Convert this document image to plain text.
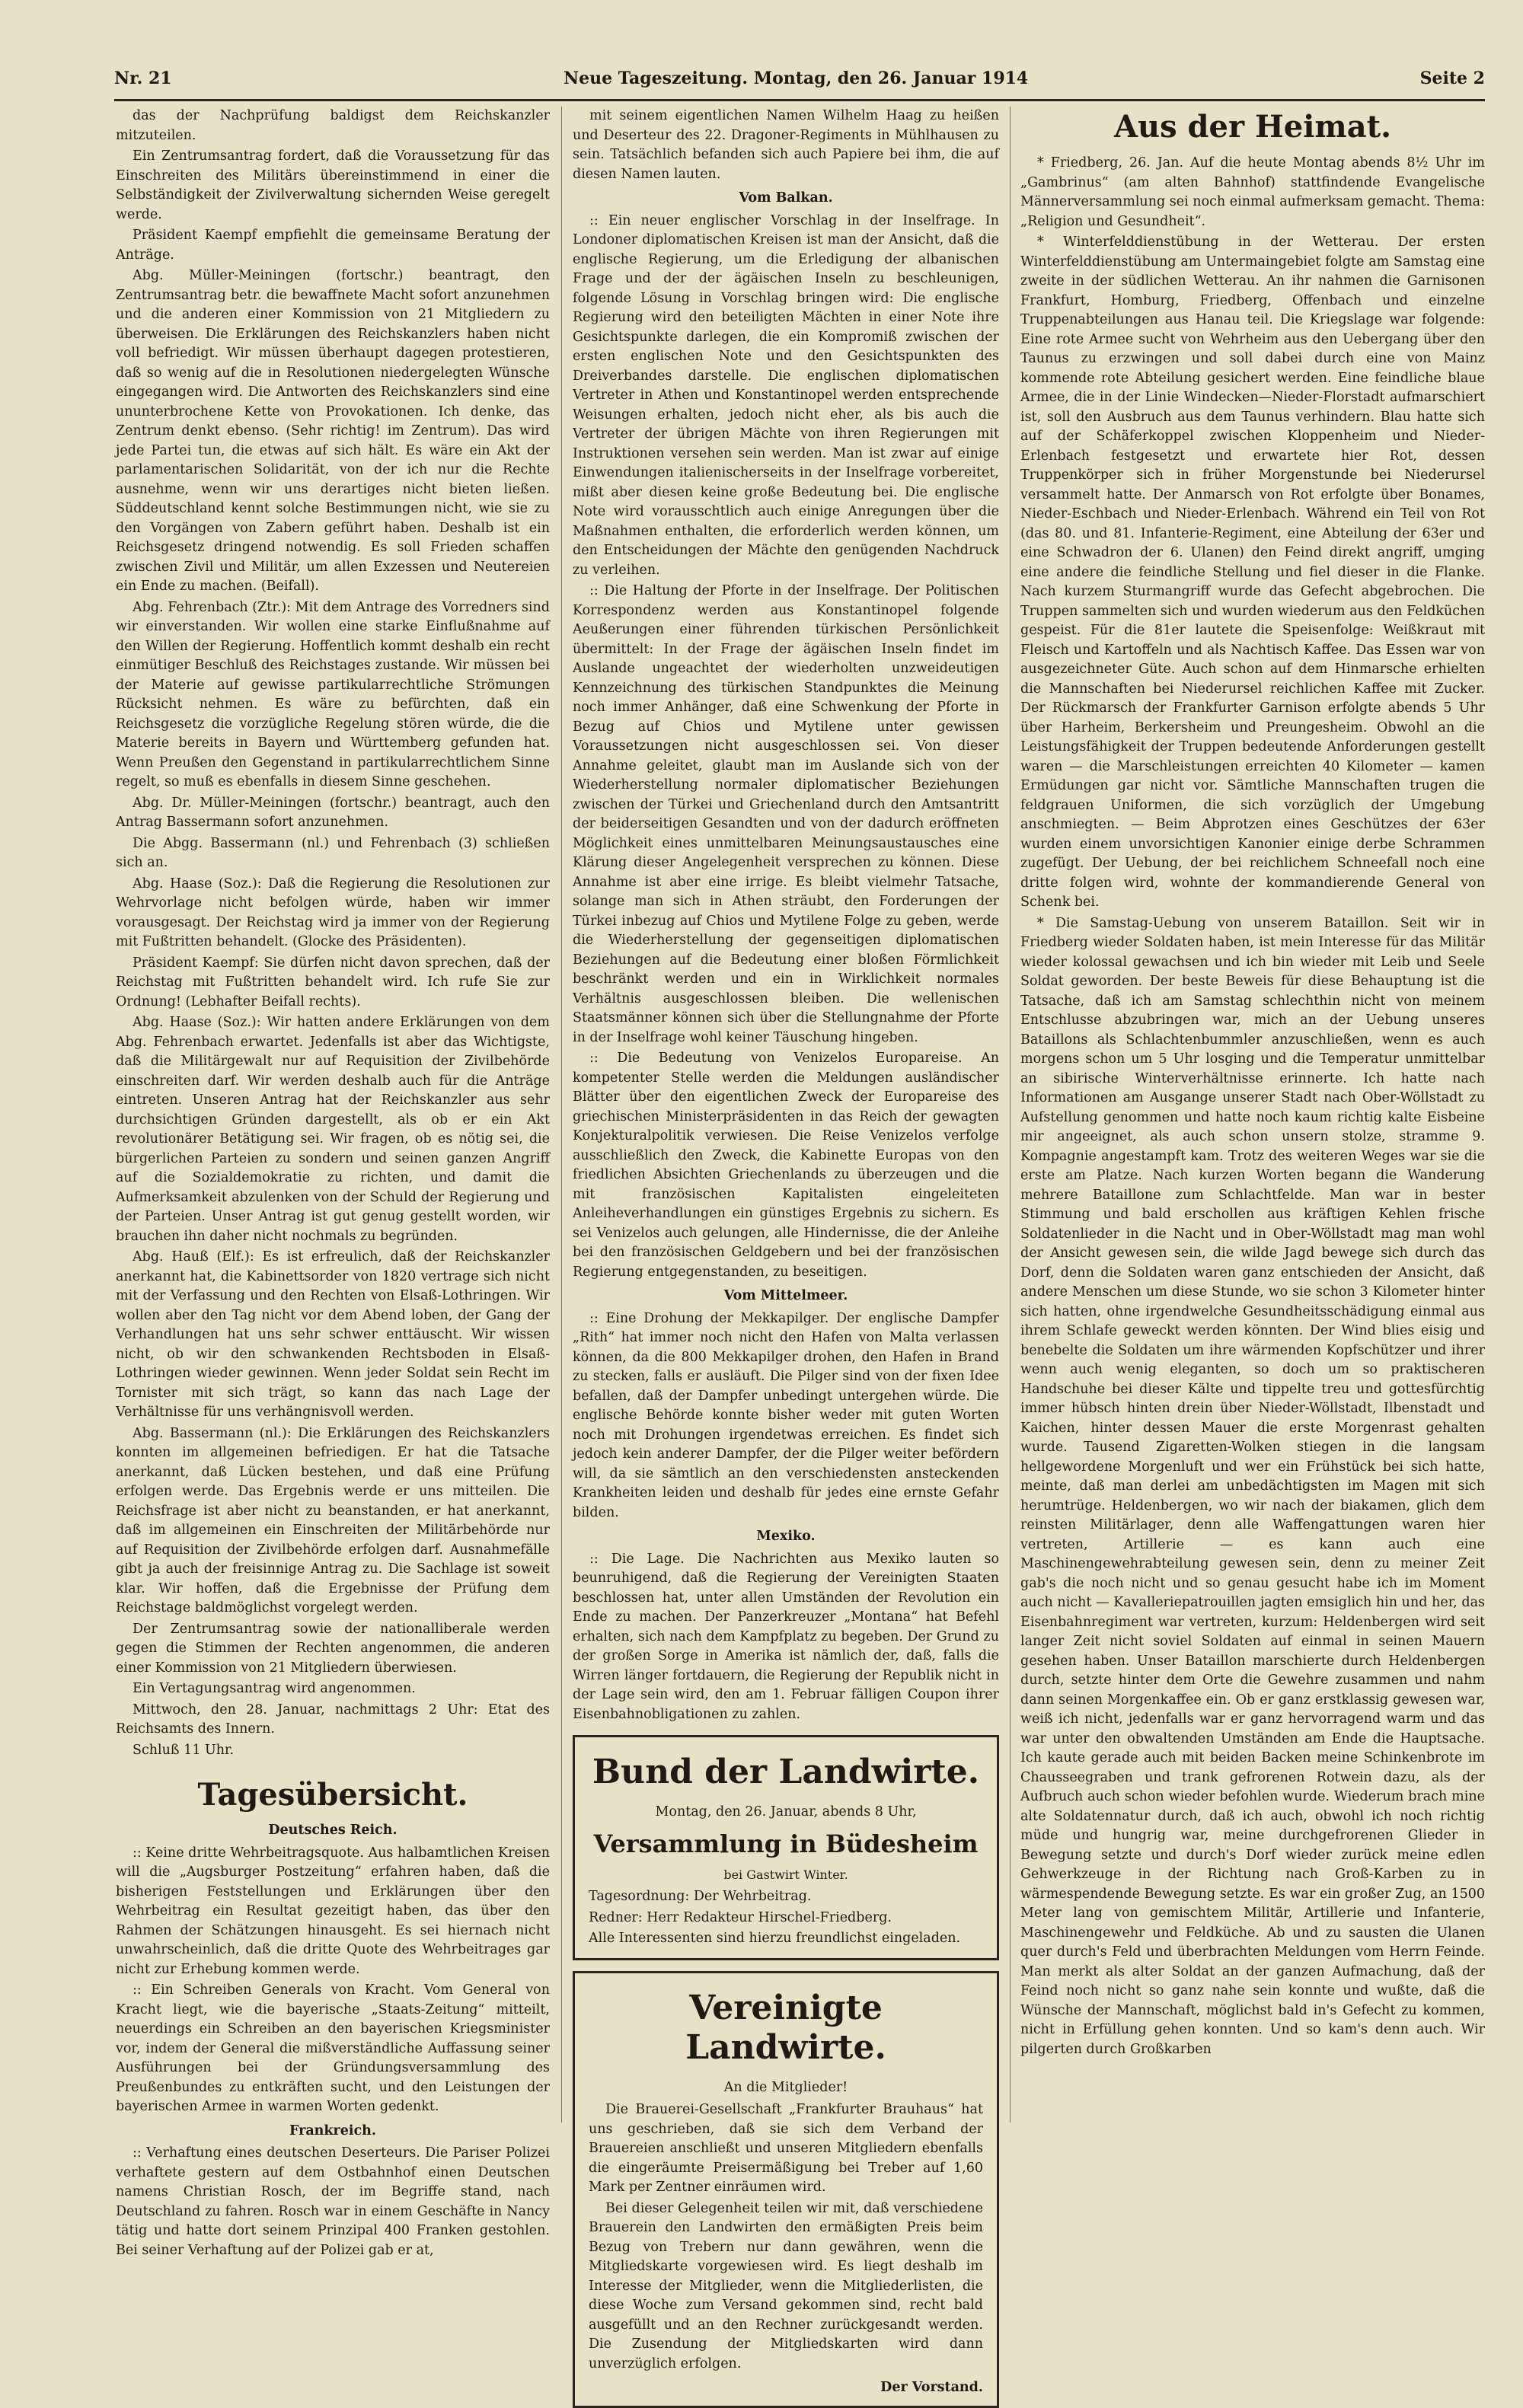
Nr. 21	Neue Tageszeitung. Montag, den 26. Januar 1914	Seite 2

das der Nachprüfung baldigst dem Reichskanzler mitzuteilen.

Ein Zentrumsantrag fordert, daß die Voraussetzung für das Einschreiten des Militärs übereinstimmend in einer die Selbständigkeit der Zivilverwaltung sichernden Weise geregelt werde.

Präsident Kaempf empfiehlt die gemeinsame Beratung der Anträge.

Abg. Müller-Meiningen (fortschr.) beantragt, den Zentrumsantrag betr. die bewaffnete Macht sofort anzunehmen und die anderen einer Kommission von 21 Mitgliedern zu überweisen. Die Erklärungen des Reichskanzlers haben nicht voll befriedigt. Wir müssen überhaupt dagegen protestieren, daß so wenig auf die in Resolutionen niedergelegten Wünsche eingegangen wird. Die Antworten des Reichskanzlers sind eine ununterbrochene Kette von Provokationen. Ich denke, das Zentrum denkt ebenso. (Sehr richtig! im Zentrum). Das wird jede Partei tun, die etwas auf sich hält. Es wäre ein Akt der parlamentarischen Solidarität, von der ich nur die Rechte ausnehme, wenn wir uns derartiges nicht bieten ließen. Süddeutschland kennt solche Bestimmungen nicht, wie sie zu den Vorgängen von Zabern geführt haben. Deshalb ist ein Reichsgesetz dringend notwendig. Es soll Frieden schaffen zwischen Zivil und Militär, um allen Exzessen und Neutereien ein Ende zu machen. (Beifall).

Abg. Fehrenbach (Ztr.): Mit dem Antrage des Vorredners sind wir einverstanden. Wir wollen eine starke Einflußnahme auf den Willen der Regierung. Hoffentlich kommt deshalb ein recht einmütiger Beschluß des Reichstages zustande. Wir müssen bei der Materie auf gewisse partikularrechtliche Strömungen Rücksicht nehmen. Es wäre zu befürchten, daß ein Reichsgesetz die vorzügliche Regelung stören würde, die die Materie bereits in Bayern und Württemberg gefunden hat. Wenn Preußen den Gegenstand in partikularrechtlichem Sinne regelt, so muß es ebenfalls in diesem Sinne geschehen.

Abg. Dr. Müller-Meiningen (fortschr.) beantragt, auch den Antrag Bassermann sofort anzunehmen.

Die Abgg. Bassermann (nl.) und Fehrenbach (3) schließen sich an.

Abg. Haase (Soz.): Daß die Regierung die Resolutionen zur Wehrvorlage nicht befolgen würde, haben wir immer vorausgesagt. Der Reichstag wird ja immer von der Regierung mit Fußtritten behandelt. (Glocke des Präsidenten).

Präsident Kaempf: Sie dürfen nicht davon sprechen, daß der Reichstag mit Fußtritten behandelt wird. Ich rufe Sie zur Ordnung! (Lebhafter Beifall rechts).

Abg. Haase (Soz.): Wir hatten andere Erklärungen von dem Abg. Fehrenbach erwartet. Jedenfalls ist aber das Wichtigste, daß die Militärgewalt nur auf Requisition der Zivilbehörde einschreiten darf. Wir werden deshalb auch für die Anträge eintreten. Unseren Antrag hat der Reichskanzler aus sehr durchsichtigen Gründen dargestellt, als ob er ein Akt revolutionärer Betätigung sei. Wir fragen, ob es nötig sei, die bürgerlichen Parteien zu sondern und seinen ganzen Angriff auf die Sozialdemokratie zu richten, und damit die Aufmerksamkeit abzulenken von der Schuld der Regierung und der Parteien. Unser Antrag ist gut genug gestellt worden, wir brauchen ihn daher nicht nochmals zu begründen.

Abg. Hauß (Elf.): Es ist erfreulich, daß der Reichskanzler anerkannt hat, die Kabinettsorder von 1820 vertrage sich nicht mit der Verfassung und den Rechten von Elsaß-Lothringen. Wir wollen aber den Tag nicht vor dem Abend loben, der Gang der Verhandlungen hat uns sehr schwer enttäuscht. Wir wissen nicht, ob wir den schwankenden Rechtsboden in Elsaß-Lothringen wieder gewinnen. Wenn jeder Soldat sein Recht im Tornister mit sich trägt, so kann das nach Lage der Verhältnisse für uns verhängnisvoll werden.

Abg. Bassermann (nl.): Die Erklärungen des Reichskanzlers konnten im allgemeinen befriedigen. Er hat die Tatsache anerkannt, daß Lücken bestehen, und daß eine Prüfung erfolgen werde. Das Ergebnis werde er uns mitteilen. Die Reichsfrage ist aber nicht zu beanstanden, er hat anerkannt, daß im allgemeinen ein Einschreiten der Militärbehörde nur auf Requisition der Zivilbehörde erfolgen darf. Ausnahmefälle gibt ja auch der freisinnige Antrag zu. Die Sachlage ist soweit klar. Wir hoffen, daß die Ergebnisse der Prüfung dem Reichstage baldmöglichst vorgelegt werden.

Der Zentrumsantrag sowie der nationalliberale werden gegen die Stimmen der Rechten angenommen, die anderen einer Kommission von 21 Mitgliedern überwiesen.

Ein Vertagungsantrag wird angenommen.

Mittwoch, den 28. Januar, nachmittags 2 Uhr: Etat des Reichsamts des Innern.

Schluß 11 Uhr.

Tagesübersicht.
Deutsches Reich.

:: Keine dritte Wehrbeitragsquote. Aus halbamtlichen Kreisen will die „Augsburger Postzeitung“ erfahren haben, daß die bisherigen Feststellungen und Erklärungen über den Wehrbeitrag ein Resultat gezeitigt haben, das über den Rahmen der Schätzungen hinausgeht. Es sei hiernach nicht unwahrscheinlich, daß die dritte Quote des Wehrbeitrages gar nicht zur Erhebung kommen werde.

:: Ein Schreiben Generals von Kracht. Vom General von Kracht liegt, wie die bayerische „Staats-Zeitung“ mitteilt, neuerdings ein Schreiben an den bayerischen Kriegsminister vor, indem der General die mißverständliche Auffassung seiner Ausführungen bei der Gründungsversammlung des Preußenbundes zu entkräften sucht, und den Leistungen der bayerischen Armee in warmen Worten gedenkt.

Frankreich.

:: Verhaftung eines deutschen Deserteurs. Die Pariser Polizei verhaftete gestern auf dem Ostbahnhof einen Deutschen namens Christian Rosch, der im Begriffe stand, nach Deutschland zu fahren. Rosch war in einem Geschäfte in Nancy tätig und hatte dort seinem Prinzipal 400 Franken gestohlen. Bei seiner Verhaftung auf der Polizei gab er at,

mit seinem eigentlichen Namen Wilhelm Haag zu heißen und Deserteur des 22. Dragoner-Regiments in Mühlhausen zu sein. Tatsächlich befanden sich auch Papiere bei ihm, die auf diesen Namen lauten.

Vom Balkan.

:: Ein neuer englischer Vorschlag in der Inselfrage. In Londoner diplomatischen Kreisen ist man der Ansicht, daß die englische Regierung, um die Erledigung der albanischen Frage und der der ägäischen Inseln zu beschleunigen, folgende Lösung in Vorschlag bringen wird: Die englische Regierung wird den beteiligten Mächten in einer Note ihre Gesichtspunkte darlegen, die ein Kompromiß zwischen der ersten englischen Note und den Gesichtspunkten des Dreiverbandes darstelle. Die englischen diplomatischen Vertreter in Athen und Konstantinopel werden entsprechende Weisungen erhalten, jedoch nicht eher, als bis auch die Vertreter der übrigen Mächte von ihren Regierungen mit Instruktionen versehen sein werden. Man ist zwar auf einige Einwendungen italienischerseits in der Inselfrage vorbereitet, mißt aber diesen keine große Bedeutung bei. Die englische Note wird vorausschtlich auch einige Anregungen über die Maßnahmen enthalten, die erforderlich werden können, um den Entscheidungen der Mächte den genügenden Nachdruck zu verleihen.

:: Die Haltung der Pforte in der Inselfrage. Der Politischen Korrespondenz werden aus Konstantinopel folgende Aeußerungen einer führenden türkischen Persönlichkeit übermittelt: In der Frage der ägäischen Inseln findet im Auslande ungeachtet der wiederholten unzweideutigen Kennzeichnung des türkischen Standpunktes die Meinung noch immer Anhänger, daß eine Schwenkung der Pforte in Bezug auf Chios und Mytilene unter gewissen Voraussetzungen nicht ausgeschlossen sei. Von dieser Annahme geleitet, glaubt man im Auslande sich von der Wiederherstellung normaler diplomatischer Beziehungen zwischen der Türkei und Griechenland durch den Amtsantritt der beiderseitigen Gesandten und von der dadurch eröffneten Möglichkeit eines unmittelbaren Meinungsaustausches eine Klärung dieser Angelegenheit versprechen zu können. Diese Annahme ist aber eine irrige. Es bleibt vielmehr Tatsache, solange man sich in Athen sträubt, den Forderungen der Türkei inbezug auf Chios und Mytilene Folge zu geben, werde die Wiederherstellung der gegenseitigen diplomatischen Beziehungen auf die Bedeutung einer bloßen Förmlichkeit beschränkt werden und ein in Wirklichkeit normales Verhältnis ausgeschlossen bleiben. Die wellenischen Staatsmänner können sich über die Stellungnahme der Pforte in der Inselfrage wohl keiner Täuschung hingeben.

:: Die Bedeutung von Venizelos Europareise. An kompetenter Stelle werden die Meldungen ausländischer Blätter über den eigentlichen Zweck der Europareise des griechischen Ministerpräsidenten in das Reich der gewagten Konjekturalpolitik verwiesen. Die Reise Venizelos verfolge ausschließlich den Zweck, die Kabinette Europas von den friedlichen Absichten Griechenlands zu überzeugen und die mit französischen Kapitalisten eingeleiteten Anleiheverhandlungen ein günstiges Ergebnis zu sichern. Es sei Venizelos auch gelungen, alle Hindernisse, die der Anleihe bei den französischen Geldgebern und bei der französischen Regierung entgegenstanden, zu beseitigen.

Vom Mittelmeer.

:: Eine Drohung der Mekkapilger. Der englische Dampfer „Rith“ hat immer noch nicht den Hafen von Malta verlassen können, da die 800 Mekkapilger drohen, den Hafen in Brand zu stecken, falls er ausläuft. Die Pilger sind von der fixen Idee befallen, daß der Dampfer unbedingt untergehen würde. Die englische Behörde konnte bisher weder mit guten Worten noch mit Drohungen irgendetwas erreichen. Es findet sich jedoch kein anderer Dampfer, der die Pilger weiter befördern will, da sie sämtlich an den verschiedensten ansteckenden Krankheiten leiden und deshalb für jedes eine ernste Gefahr bilden.

Mexiko.

:: Die Lage. Die Nachrichten aus Mexiko lauten so beunruhigend, daß die Regierung der Vereinigten Staaten beschlossen hat, unter allen Umständen der Revolution ein Ende zu machen. Der Panzerkreuzer „Montana“ hat Befehl erhalten, sich nach dem Kampfplatz zu begeben. Der Grund zu der großen Sorge in Amerika ist nämlich der, daß, falls die Wirren länger fortdauern, die Regierung der Republik nicht in der Lage sein wird, den am 1. Februar fälligen Coupon ihrer Eisenbahnobligationen zu zahlen.

Bund der Landwirte.
Montag, den 26. Januar, abends 8 Uhr,
Versammlung in Büdesheim
bei Gastwirt Winter.
Tagesordnung: Der Wehrbeitrag.
Redner: Herr Redakteur Hirschel-Friedberg.
Alle Interessenten sind hierzu freundlichst eingeladen.
Vereinigte Landwirte.
An die Mitglieder!

Die Brauerei-Gesellschaft „Frankfurter Brauhaus“ hat uns geschrieben, daß sie sich dem Verband der Brauereien anschließt und unseren Mitgliedern ebenfalls die eingeräumte Preisermäßigung bei Treber auf 1,60 Mark per Zentner einräumen wird.

Bei dieser Gelegenheit teilen wir mit, daß verschiedene Brauerein den Landwirten den ermäßigten Preis beim Bezug von Trebern nur dann gewähren, wenn die Mitgliedskarte vorgewiesen wird. Es liegt deshalb im Interesse der Mitglieder, wenn die Mitgliederlisten, die diese Woche zum Versand gekommen sind, recht bald ausgefüllt und an den Rechner zurückgesandt werden. Die Zusendung der Mitgliedskarten wird dann unverzüglich erfolgen.

Der Vorstand.
Aus der Heimat.

* Friedberg, 26. Jan. Auf die heute Montag abends 8½ Uhr im „Gambrinus“ (am alten Bahnhof) stattfindende Evangelische Männerversammlung sei noch einmal aufmerksam gemacht. Thema: „Religion und Gesundheit“.

* Winterfelddienstübung in der Wetterau. Der ersten Winterfelddienstübung am Untermaingebiet folgte am Samstag eine zweite in der südlichen Wetterau. An ihr nahmen die Garnisonen Frankfurt, Homburg, Friedberg, Offenbach und einzelne Truppenabteilungen aus Hanau teil. Die Kriegslage war folgende: Eine rote Armee sucht von Wehrheim aus den Uebergang über den Taunus zu erzwingen und soll dabei durch eine von Mainz kommende rote Abteilung gesichert werden. Eine feindliche blaue Armee, die in der Linie Windecken—Nieder-Florstadt aufmarschiert ist, soll den Ausbruch aus dem Taunus verhindern. Blau hatte sich auf der Schäferkoppel zwischen Kloppenheim und Nieder-Erlenbach festgesetzt und erwartete hier Rot, dessen Truppenkörper sich in früher Morgenstunde bei Niederursel versammelt hatte. Der Anmarsch von Rot erfolgte über Bonames, Nieder-Eschbach und Nieder-Erlenbach. Während ein Teil von Rot (das 80. und 81. Infanterie-Regiment, eine Abteilung der 63er und eine Schwadron der 6. Ulanen) den Feind direkt angriff, umging eine andere die feindliche Stellung und fiel dieser in die Flanke. Nach kurzem Sturmangriff wurde das Gefecht abgebrochen. Die Truppen sammelten sich und wurden wiederum aus den Feldküchen gespeist. Für die 81er lautete die Speisenfolge: Weißkraut mit Fleisch und Kartoffeln und als Nachtisch Kaffee. Das Essen war von ausgezeichneter Güte. Auch schon auf dem Hinmarsche erhielten die Mannschaften bei Niederursel reichlichen Kaffee mit Zucker. Der Rückmarsch der Frankfurter Garnison erfolgte abends 5 Uhr über Harheim, Berkersheim und Preungesheim. Obwohl an die Leistungsfähigkeit der Truppen bedeutende Anforderungen gestellt waren — die Marschleistungen erreichten 40 Kilometer — kamen Ermüdungen gar nicht vor. Sämtliche Mannschaften trugen die feldgrauen Uniformen, die sich vorzüglich der Umgebung anschmiegten. — Beim Abprotzen eines Geschützes der 63er wurden einem unvorsichtigen Kanonier einige derbe Schrammen zugefügt. Der Uebung, der bei reichlichem Schneefall noch eine dritte folgen wird, wohnte der kommandierende General von Schenk bei.

* Die Samstag-Uebung von unserem Bataillon. Seit wir in Friedberg wieder Soldaten haben, ist mein Interesse für das Militär wieder kolossal gewachsen und ich bin wieder mit Leib und Seele Soldat geworden. Der beste Beweis für diese Behauptung ist die Tatsache, daß ich am Samstag schlechthin nicht von meinem Entschlusse abzubringen war, mich an der Uebung unseres Bataillons als Schlachtenbummler anzuschließen, wenn es auch morgens schon um 5 Uhr losging und die Temperatur unmittelbar an sibirische Winterverhältnisse erinnerte. Ich hatte nach Informationen am Ausgange unserer Stadt nach Ober-Wöllstadt zu Aufstellung genommen und hatte noch kaum richtig kalte Eisbeine mir angeeignet, als auch schon unsern stolze, stramme 9. Kompagnie angestampft kam. Trotz des weiteren Weges war sie die erste am Platze. Nach kurzen Worten begann die Wanderung mehrere Bataillone zum Schlachtfelde. Man war in bester Stimmung und bald erschollen aus kräftigen Kehlen frische Soldatenlieder in die Nacht und in Ober-Wöllstadt mag man wohl der Ansicht gewesen sein, die wilde Jagd bewege sich durch das Dorf, denn die Soldaten waren ganz entschieden der Ansicht, daß andere Menschen um diese Stunde, wo sie schon 3 Kilometer hinter sich hatten, ohne irgendwelche Gesundheitsschädigung einmal aus ihrem Schlafe geweckt werden könnten. Der Wind blies eisig und benebelte die Soldaten um ihre wärmenden Kopfschützer und ihrer wenn auch wenig eleganten, so doch um so praktischeren Handschuhe bei dieser Kälte und tippelte treu und gottesfürchtig immer hübsch hinten drein über Nieder-Wöllstadt, Ilbenstadt und Kaichen, hinter dessen Mauer die erste Morgenrast gehalten wurde. Tausend Zigaretten-Wolken stiegen in die langsam hellgewordene Morgenluft und wer ein Frühstück bei sich hatte, meinte, daß man derlei am unbedächtigsten im Magen mit sich herumtrüge. Heldenbergen, wo wir nach der biakamen, glich dem reinsten Militärlager, denn alle Waffengattungen waren hier vertreten, Artillerie — es kann auch eine Maschinengewehrabteilung gewesen sein, denn zu meiner Zeit gab's die noch nicht und so genau gesucht habe ich im Moment auch nicht — Kavalleriepatrouillen jagten emsiglich hin und her, das Eisenbahnregiment war vertreten, kurzum: Heldenbergen wird seit langer Zeit nicht soviel Soldaten auf einmal in seinen Mauern gesehen haben. Unser Bataillon marschierte durch Heldenbergen durch, setzte hinter dem Orte die Gewehre zusammen und nahm dann seinen Morgenkaffee ein. Ob er ganz erstklassig gewesen war, weiß ich nicht, jedenfalls war er ganz hervorragend warm und das war unter den obwaltenden Umständen am Ende die Hauptsache. Ich kaute gerade auch mit beiden Backen meine Schinkenbrote im Chausseegraben und trank gefrorenen Rotwein dazu, als der Aufbruch auch schon wieder befohlen wurde. Wiederum brach mine alte Soldatennatur durch, daß ich auch, obwohl ich noch richtig müde und hungrig war, meine durchgefrorenen Glieder in Bewegung setzte und durch's Dorf wieder zurück meine edlen Gehwerkzeuge in der Richtung nach Groß-Karben zu in wärmespendende Bewegung setzte. Es war ein großer Zug, an 1500 Meter lang von gemischtem Militär, Artillerie und Infanterie, Maschinengewehr und Feldküche. Ab und zu sausten die Ulanen quer durch's Feld und überbrachten Meldungen vom Herrn Feinde. Man merkt als alter Soldat an der ganzen Aufmachung, daß der Feind noch nicht so ganz nahe sein konnte und wußte, daß die Wünsche der Mannschaft, möglichst bald in's Gefecht zu kommen, nicht in Erfüllung gehen konnten. Und so kam's denn auch. Wir pilgerten durch Großkarben
